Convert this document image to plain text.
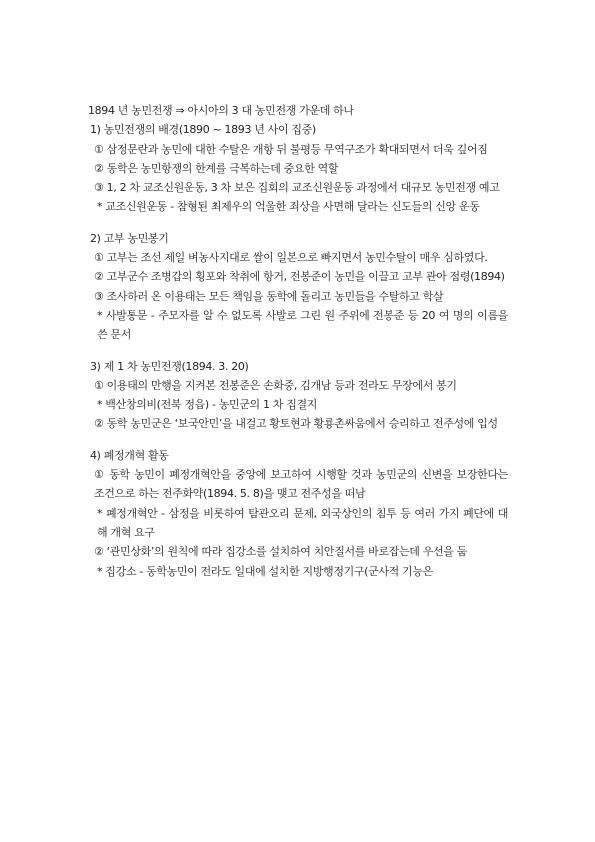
1894 년 농민전쟁 ⇒ 아시아의 3 대 농민전쟁 가운데 하나
1) 농민전쟁의 배경(1890 ~ 1893 년 사이 집중)
① 삼정문란과 농민에 대한 수탈은 개항 뒤 불평등 무역구조가 확대되면서 더욱 깊어짐
② 동학은 농민항쟁의 한계를 극복하는데 중요한 역할
③ 1, 2 차 교조신원운동, 3 차 보은 집회의 교조신원운동 과정에서 대규모 농민전쟁 예고
* 교조신원운동 - 참형된 최제우의 억울한 죄상을 사면해 달라는 신도들의 신앙 운동
2) 고부 농민봉기
① 고부는 조선 제일 벼농사지대로 쌀이 일본으로 빠지면서 농민수탈이 매우 심하였다.
② 고부군수 조병갑의 횡포와 착취에 항거, 전봉준이 농민을 이끌고 고부 관아 점령(1894)
③ 조사하러 온 이용태는 모든 책임을 동학에 돌리고 농민들을 수탈하고 학살
* 사발통문 - 주모자를 알 수 없도록 사발로 그린 원 주위에 전봉준 등 20 여 명의 이름을 쓴 문서
3) 제 1 차 농민전쟁(1894. 3. 20)
① 이용태의 만행을 지켜본 전봉준은 손화중, 김개남 등과 전라도 무장에서 봉기
* 백산창의비(전북 정읍) - 농민군의 1 차 집결지
② 동학 농민군은 ‘보국안민’을 내걸고 황토현과 황룡촌싸움에서 승리하고 전주성에 입성
4) 폐정개혁 활동
① 동학 농민이 폐정개혁안을 중앙에 보고하여 시행할 것과 농민군의 신변을 보장한다는 조건으로 하는 전주화약(1894. 5. 8)을 맺고 전주성을 떠남
* 폐정개혁안 - 삼정을 비롯하여 탐관오리 문제, 외국상인의 침투 등 여러 가지 폐단에 대해 개혁 요구
② ‘관민상화’의 원칙에 따라 집강소를 설치하여 치안질서를 바로잡는데 우선을 둠
* 집강소 - 동학농민이 전라도 일대에 설치한 지방행정기구(군사적 기능은
